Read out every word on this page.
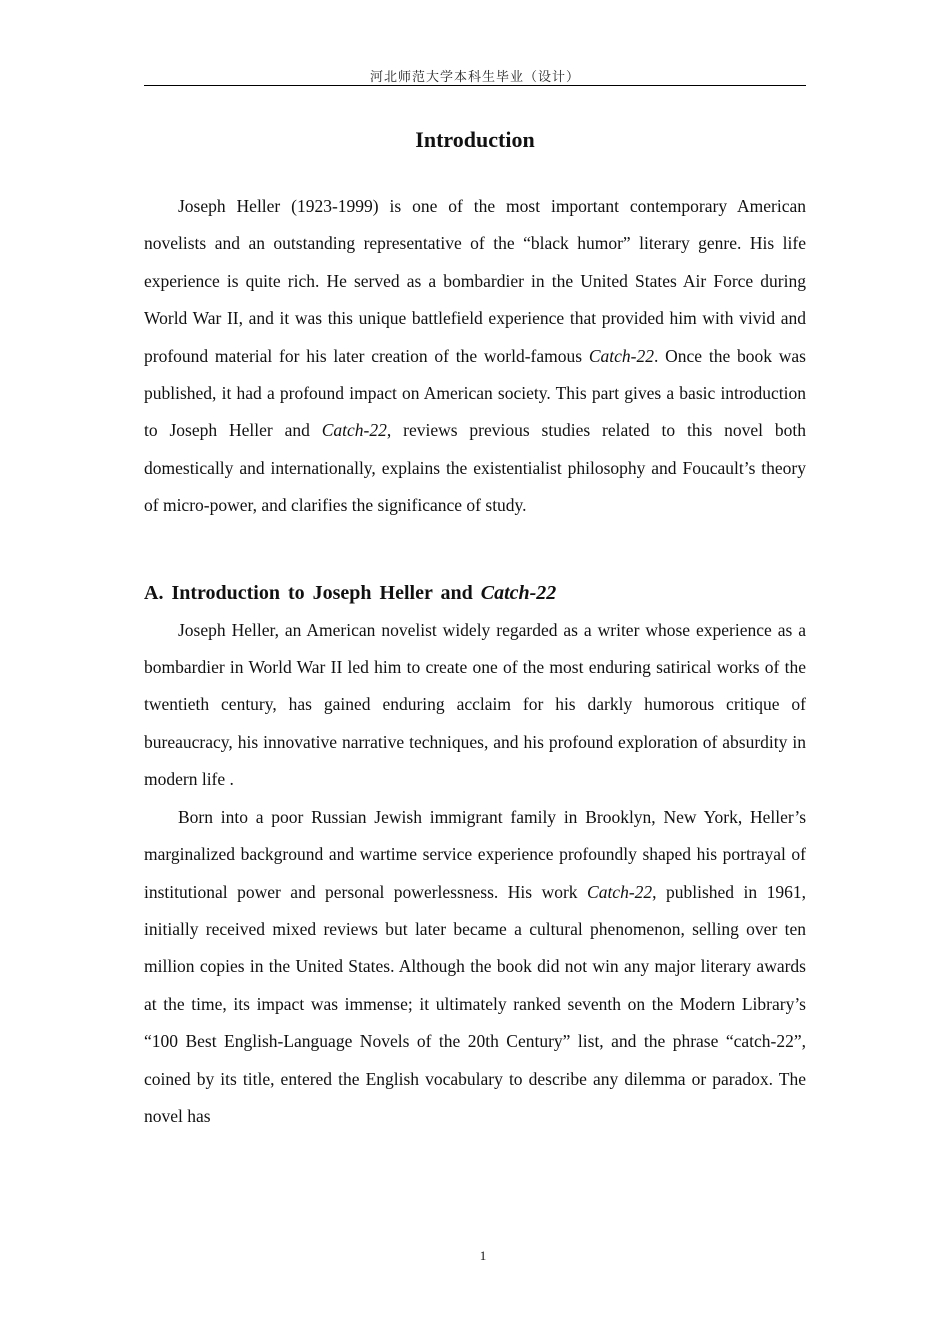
河北师范大学本科生毕业（设计）
Introduction

Joseph Heller (1923-1999) is one of the most important contemporary American novelists and an outstanding representative of the “black humor” literary genre. His life experience is quite rich. He served as a bombardier in the United States Air Force during World War II, and it was this unique battlefield experience that provided him with vivid and profound material for his later creation of the world-famous Catch-22. Once the book was published, it had a profound impact on American society. This part gives a basic introduction to Joseph Heller and Catch-22, reviews previous studies related to this novel both domestically and internationally, explains the existentialist philosophy and Foucault’s theory of micro-power, and clarifies the significance of study.

A. Introduction to Joseph Heller and Catch-22

Joseph Heller, an American novelist widely regarded as a writer whose experience as a bombardier in World War II led him to create one of the most enduring satirical works of the twentieth century, has gained enduring acclaim for his darkly humorous critique of bureaucracy, his innovative narrative techniques, and his profound exploration of absurdity in modern life .

Born into a poor Russian Jewish immigrant family in Brooklyn, New York, Heller’s marginalized background and wartime service experience profoundly shaped his portrayal of institutional power and personal powerlessness. His work Catch-22, published in 1961, initially received mixed reviews but later became a cultural phenomenon, selling over ten million copies in the United States. Although the book did not win any major literary awards at the time, its impact was immense; it ultimately ranked seventh on the Modern Library’s “100 Best English-Language Novels of the 20th Century” list, and the phrase “catch-22”, coined by its title, entered the English vocabulary to describe any dilemma or paradox. The novel has

1
